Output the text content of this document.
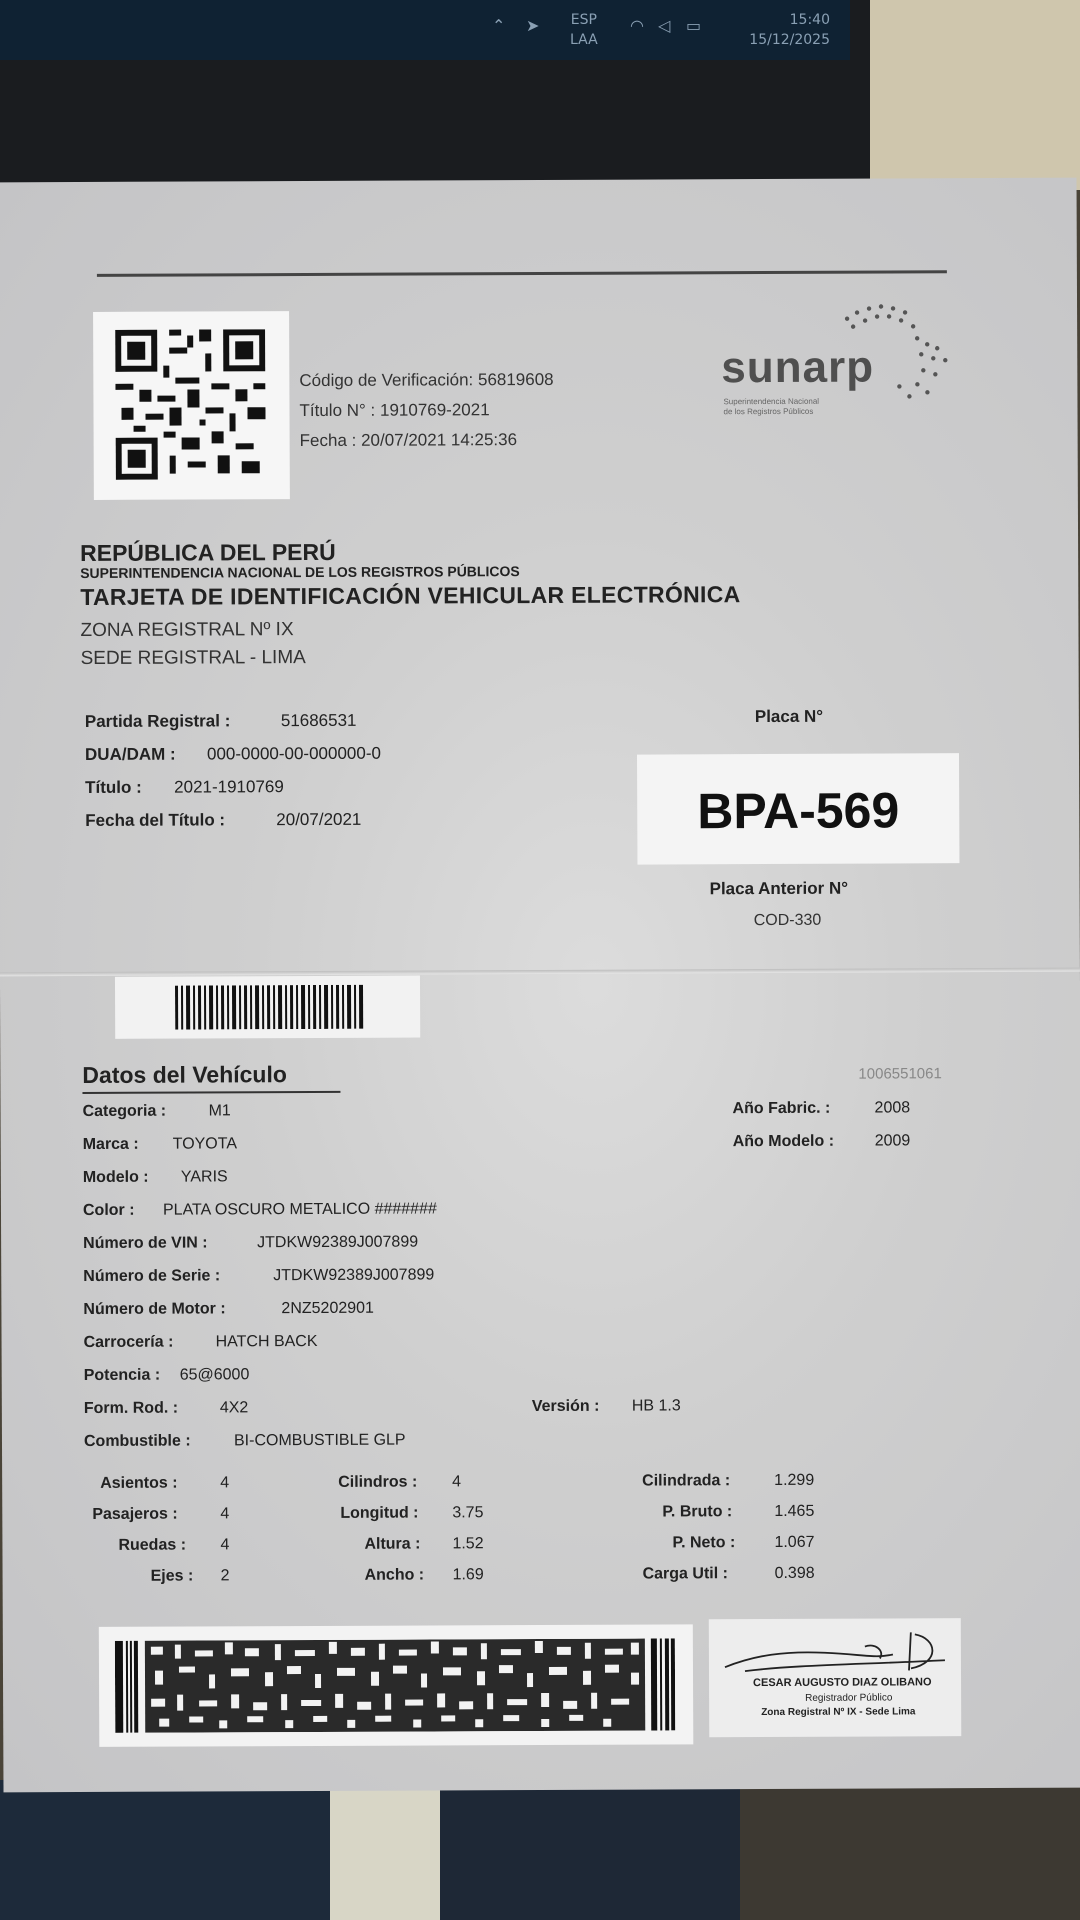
⌃ ➤ ESP
LAA
◠ ◁ ▭	15:40
15/12/2025
Código de Verificación: 56819608
Título N° : 1910769-2021
Fecha : 20/07/2021 14:25:36
sunarp
Superintendencia Nacional
de los Registros Públicos
REPÚBLICA DEL PERÚ
SUPERINTENDENCIA NACIONAL DE LOS REGISTROS PÚBLICOS
TARJETA DE IDENTIFICACIÓN VEHICULAR ELECTRÓNICA
ZONA REGISTRAL Nº IX
SEDE REGISTRAL - LIMA
Partida Registral :	51686531
DUA/DAM : 000-0000-00-000000-0
Título : 2021-1910769
Fecha del Título :	20/07/2021
Placa N°
BPA-569
Placa Anterior N°
COD-330
Datos del Vehículo	1006551061
Categoria :	M1
Marca : TOYOTA
Modelo : YARIS
Color : PLATA OSCURO METALICO #######
Número de VIN :	JTDKW92389J007899
Número de Serie :	JTDKW92389J007899
Número de Motor :	2NZ5202901
Carrocería :	HATCH BACK
Potencia : 65@6000
Form. Rod. :	4X2
Combustible :	BI-COMBUSTIBLE GLP
Año Fabric. :	2008
Año Modelo :	2009
Versión : HB 1.3
Asientos :	4
Pasajeros :	4
Ruedas : 4
Ejes : 2
Cilindros : 4
Longitud : 3.75
Altura : 1.52
Ancho : 1.69
Cilindrada :	1.299
P. Bruto :	1.465
P. Neto : 1.067
Carga Util :	0.398
CESAR AUGUSTO DIAZ OLIBANO
Registrador Público
Zona Registral Nº IX - Sede Lima
